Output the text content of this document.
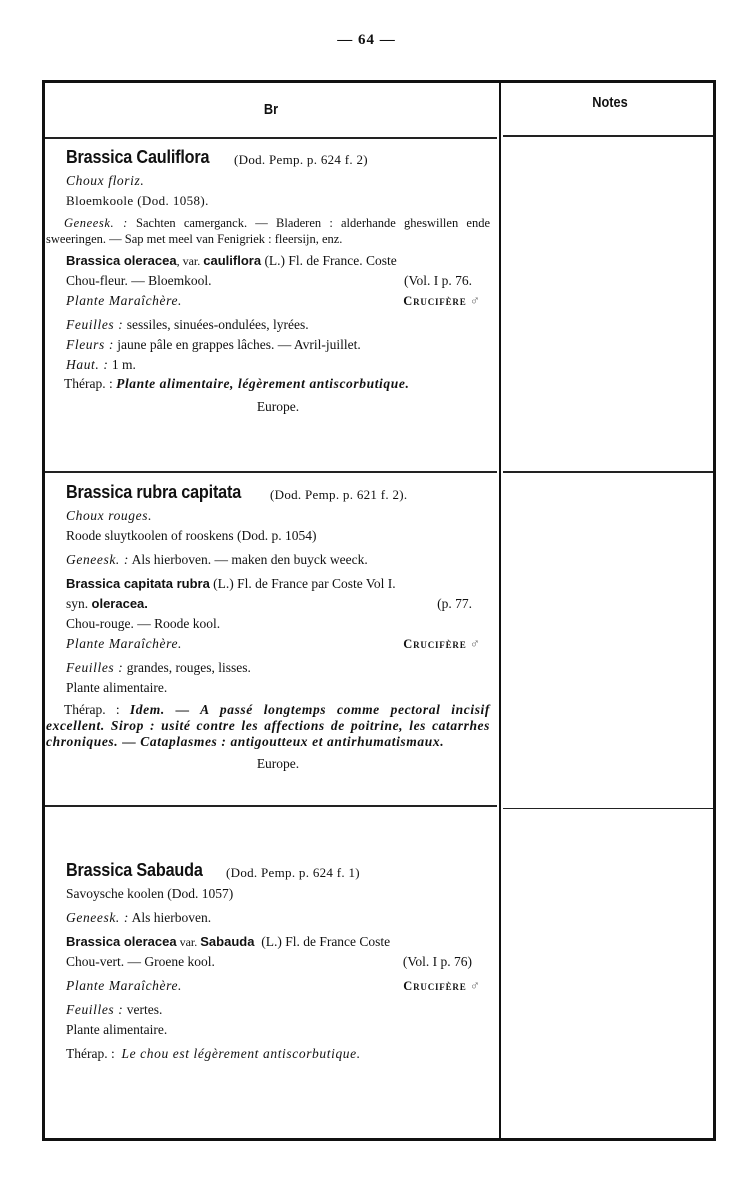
— 64 —
Br	Notes
Brassica Cauliflora (Dod. Pemp. p. 624 f. 2)
Choux floriz.
Bloemkoole (Dod. 1058).
Geneesk. : Sachten camerganck. — Bladeren : alderhande gheswillen ende sweeringen. — Sap met meel van Fenigriek : fleersijn, enz.
Brassica oleracea, var. cauliflora (L.) Fl. de France. Coste
Chou-fleur. — Bloemkool.	(Vol. I p. 76.
Plante Maraîchère.	Crucifère ♂
Feuilles : sessiles, sinuées-ondulées, lyrées.
Fleurs : jaune pâle en grappes lâches. — Avril-juillet.
Haut. : 1 m.
Thérap. : Plante alimentaire, légèrement antiscorbutique.
Europe.
Brassica rubra capitata (Dod. Pemp. p. 621 f. 2).
Choux rouges.
Roode sluytkoolen of rooskens (Dod. p. 1054)
Geneesk. : Als hierboven. — maken den buyck weeck.
Brassica capitata rubra (L.) Fl. de France par Coste Vol I.
syn. oleracea.	(p. 77.
Chou-rouge. — Roode kool.
Plante Maraîchère.	Crucifère ♂
Feuilles : grandes, rouges, lisses.
Plante alimentaire.
Thérap. : Idem. — A passé longtemps comme pectoral incisif excellent. Sirop : usité contre les affections de poitrine, les catarrhes chroniques. — Cataplasmes : antigoutteux et antirhumatismaux.
Europe.
Brassica Sabauda (Dod. Pemp. p. 624 f. 1)
Savoysche koolen (Dod. 1057)
Geneesk. : Als hierboven.
Brassica oleracea var. Sabauda (L.) Fl. de France Coste
Chou-vert. — Groene kool.	(Vol. I p. 76)
Plante Maraîchère.	Crucifère ♂
Feuilles : vertes.
Plante alimentaire.
Thérap. : Le chou est légèrement antiscorbutique.
